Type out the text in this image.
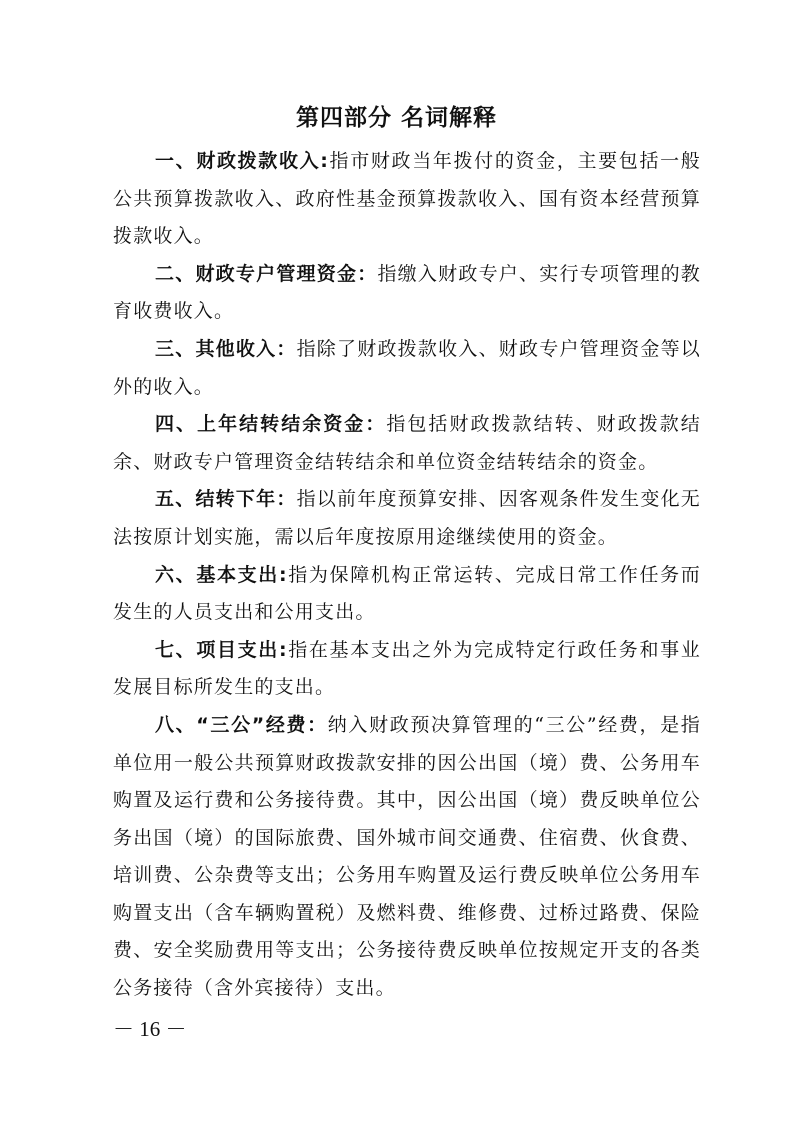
第四部分 名词解释

一、财政拨款收入:指市财政当年拨付的资金，主要包括一般公共预算拨款收入、政府性基金预算拨款收入、国有资本经营预算拨款收入。

二、财政专户管理资金：指缴入财政专户、实行专项管理的教育收费收入。

三、其他收入：指除了财政拨款收入、财政专户管理资金等以外的收入。

四、上年结转结余资金：指包括财政拨款结转、财政拨款结余、财政专户管理资金结转结余和单位资金结转结余的资金。

五、结转下年：指以前年度预算安排、因客观条件发生变化无法按原计划实施，需以后年度按原用途继续使用的资金。

六、基本支出:指为保障机构正常运转、完成日常工作任务而发生的人员支出和公用支出。

七、项目支出:指在基本支出之外为完成特定行政任务和事业发展目标所发生的支出。

八、“三公”经费：纳入财政预决算管理的“三公”经费，是指单位用一般公共预算财政拨款安排的因公出国（境）费、公务用车购置及运行费和公务接待费。其中，因公出国（境）费反映单位公务出国（境）的国际旅费、国外城市间交通费、住宿费、伙食费、培训费、公杂费等支出；公务用车购置及运行费反映单位公务用车购置支出（含车辆购置税）及燃料费、维修费、过桥过路费、保险费、安全奖励费用等支出；公务接待费反映单位按规定开支的各类公务接待（含外宾接待）支出。

－ 16 －
